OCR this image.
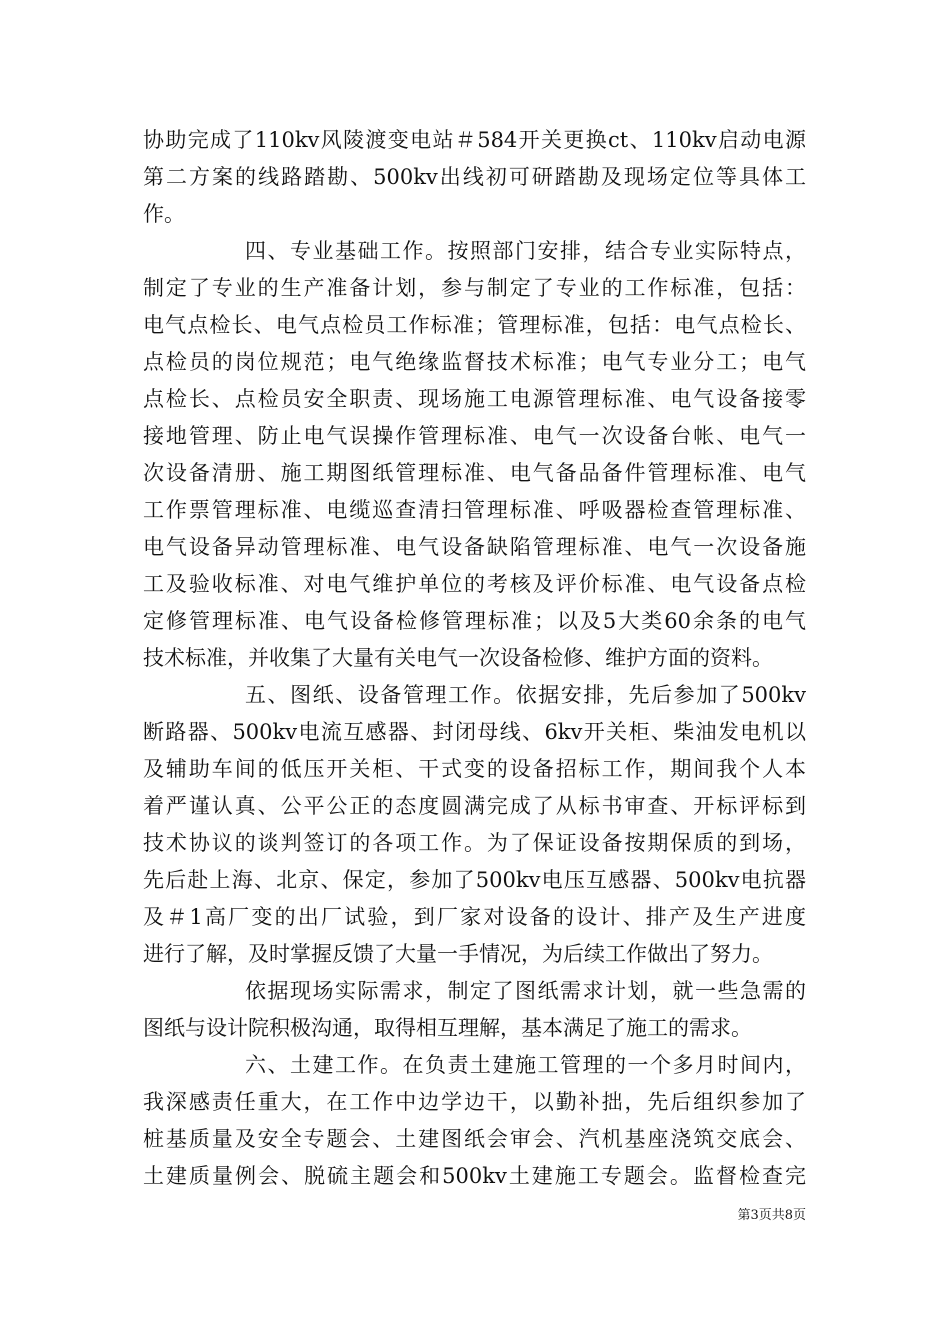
协助完成了110kv风陵渡变电站＃584开关更换ct、110kv启动电源
第二方案的线路踏勘、500kv出线初可研踏勘及现场定位等具体工
作。
四、专业基础工作。按照部门安排，结合专业实际特点，
制定了专业的生产准备计划，参与制定了专业的工作标准，包括：
电气点检长、电气点检员工作标准；管理标准，包括：电气点检长、
点检员的岗位规范；电气绝缘监督技术标准；电气专业分工；电气
点检长、点检员安全职责、现场施工电源管理标准、电气设备接零
接地管理、防止电气误操作管理标准、电气一次设备台帐、电气一
次设备清册、施工期图纸管理标准、电气备品备件管理标准、电气
工作票管理标准、电缆巡查清扫管理标准、呼吸器检查管理标准、
电气设备异动管理标准、电气设备缺陷管理标准、电气一次设备施
工及验收标准、对电气维护单位的考核及评价标准、电气设备点检
定修管理标准、电气设备检修管理标准；以及5大类60余条的电气
技术标准，并收集了大量有关电气一次设备检修、维护方面的资料。
五、图纸、设备管理工作。依据安排，先后参加了500kv
断路器、500kv电流互感器、封闭母线、6kv开关柜、柴油发电机以
及辅助车间的低压开关柜、干式变的设备招标工作，期间我个人本
着严谨认真、公平公正的态度圆满完成了从标书审查、开标评标到
技术协议的谈判签订的各项工作。为了保证设备按期保质的到场，
先后赴上海、北京、保定，参加了500kv电压互感器、500kv电抗器
及＃1高厂变的出厂试验，到厂家对设备的设计、排产及生产进度
进行了解，及时掌握反馈了大量一手情况，为后续工作做出了努力。
依据现场实际需求，制定了图纸需求计划，就一些急需的
图纸与设计院积极沟通，取得相互理解，基本满足了施工的需求。
六、土建工作。在负责土建施工管理的一个多月时间内，
我深感责任重大，在工作中边学边干，以勤补拙，先后组织参加了
桩基质量及安全专题会、土建图纸会审会、汽机基座浇筑交底会、
土建质量例会、脱硫主题会和500kv土建施工专题会。监督检查完
第3页共8页
